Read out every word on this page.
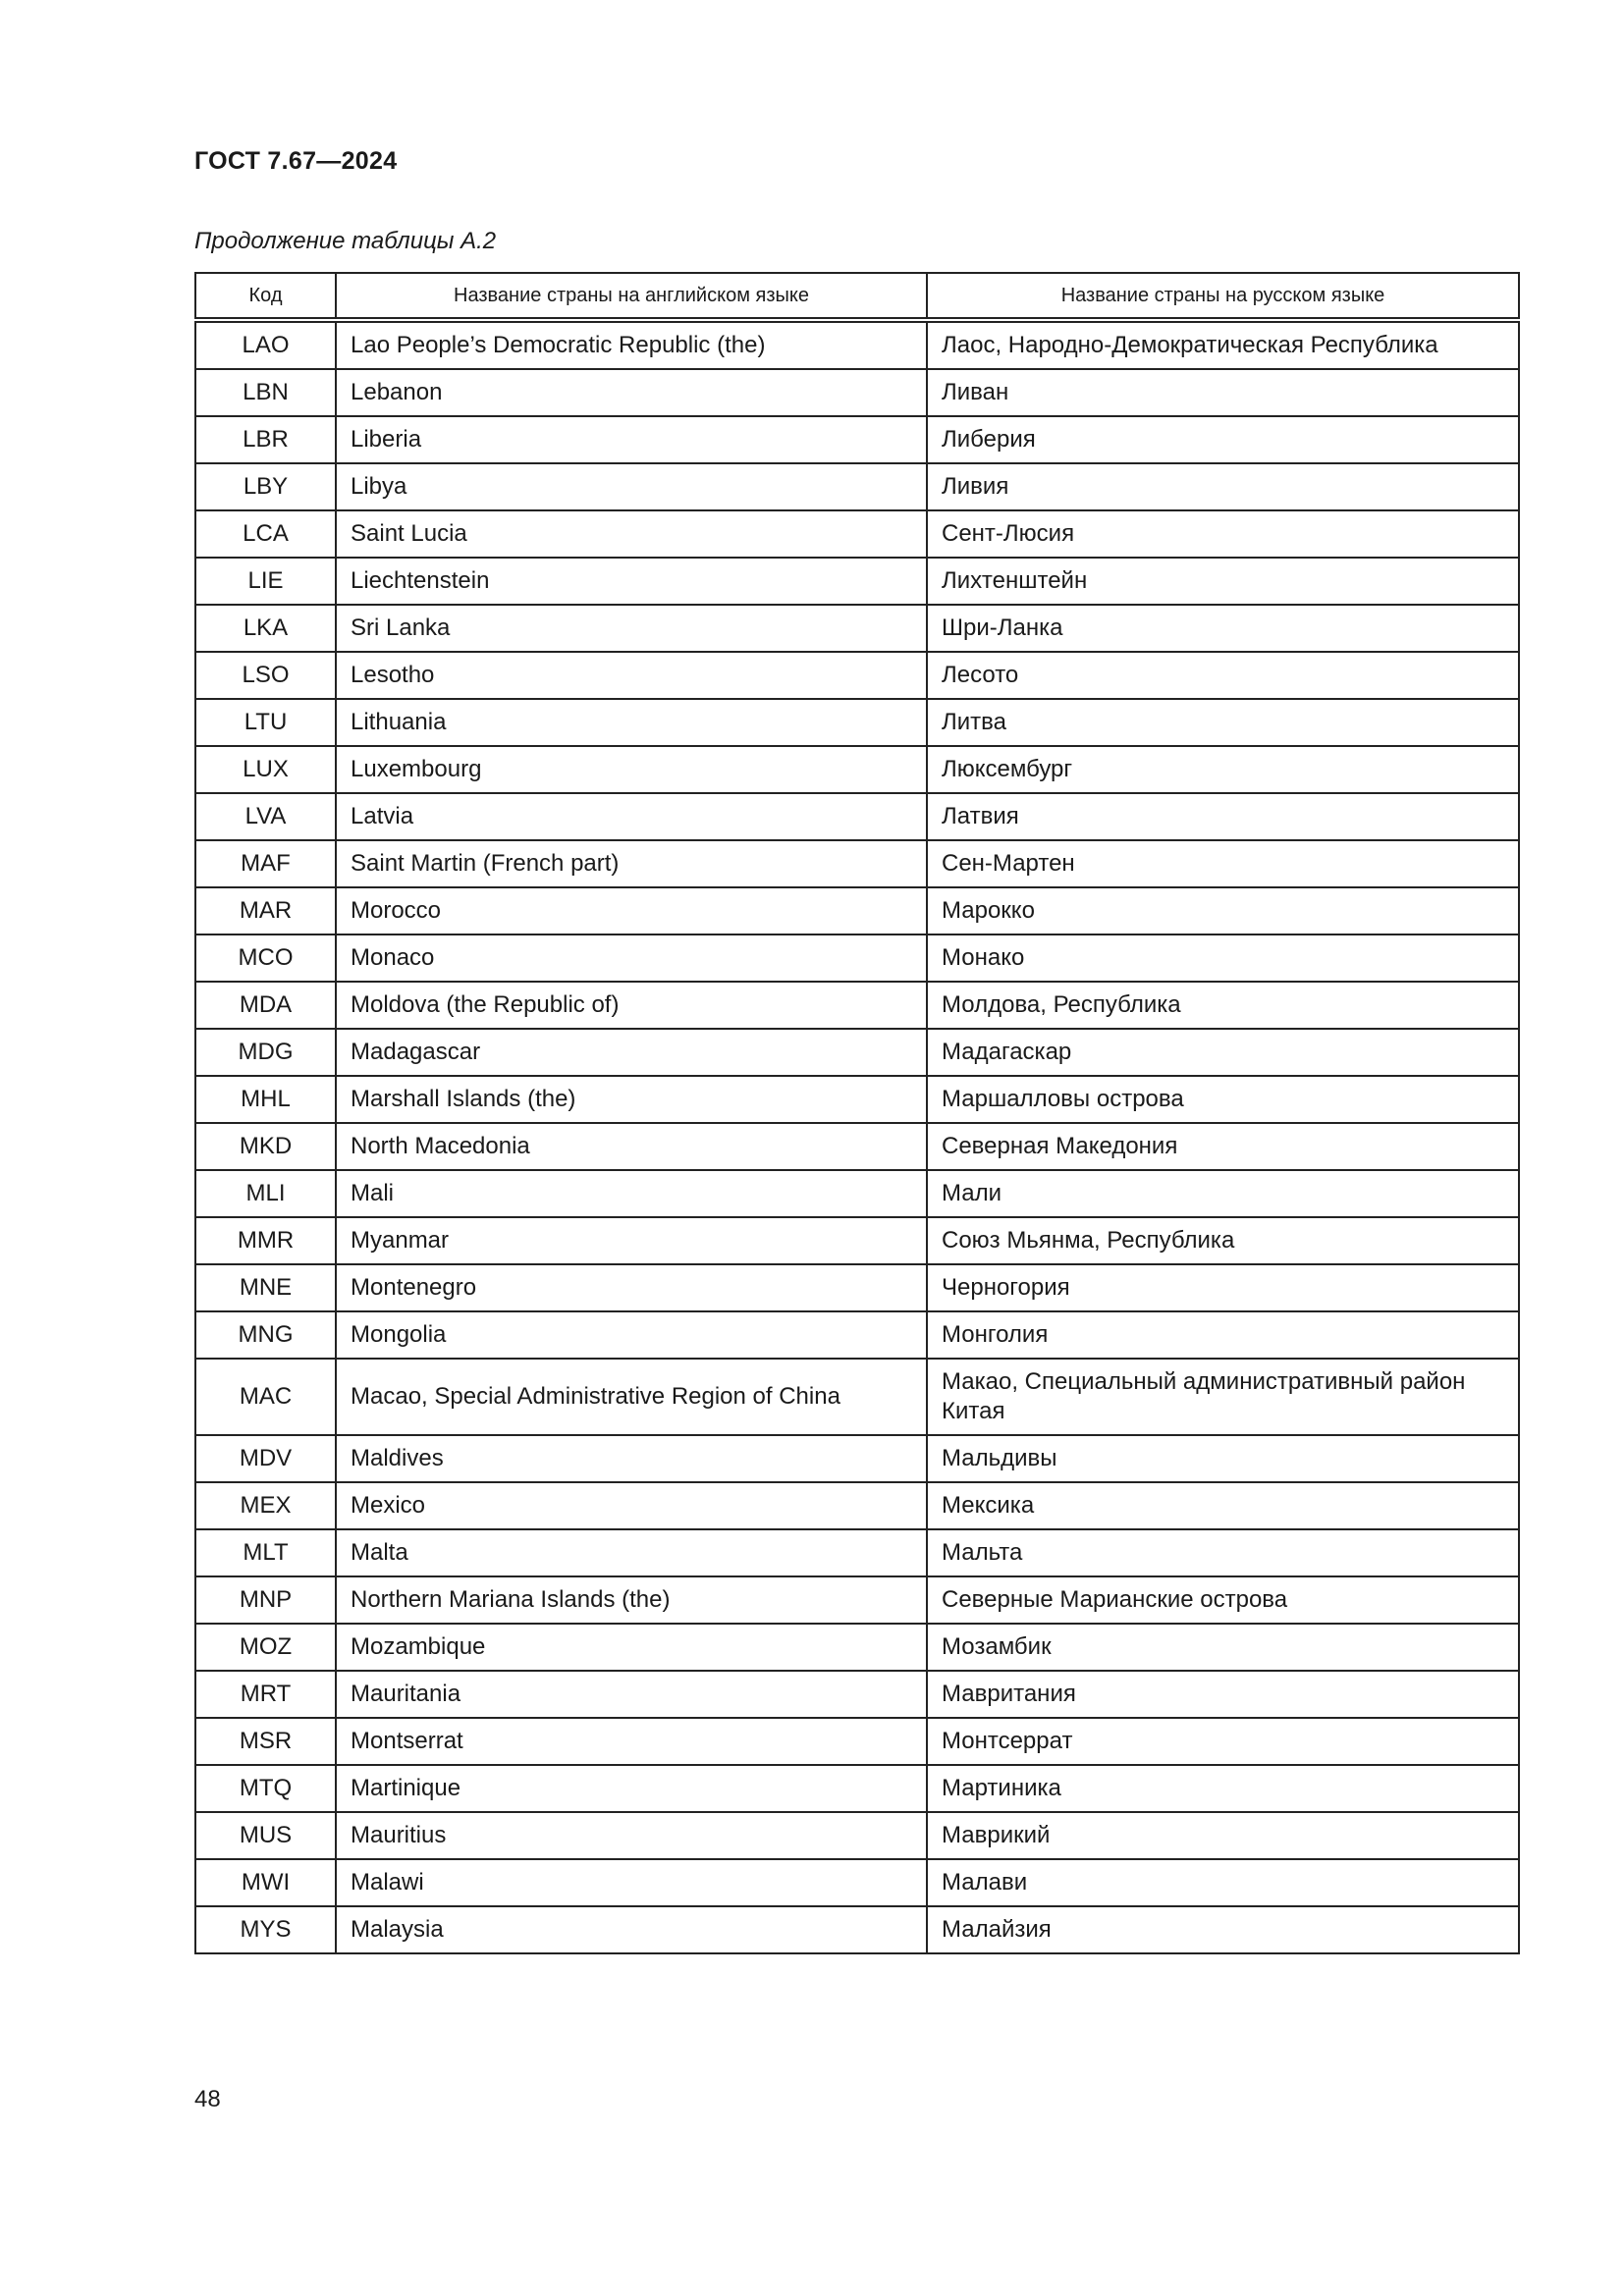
ГОСТ 7.67—2024
Продолжение таблицы А.2
Код	Название страны на английском языке	Название страны на русском языке
LAO	Lao People’s Democratic Republic (the)	Лаос, Народно-Демократическая Республика
LBN	Lebanon	Ливан
LBR	Liberia	Либерия
LBY	Libya	Ливия
LCA	Saint Lucia	Сент-Люсия
LIE	Liechtenstein	Лихтенштейн
LKA	Sri Lanka	Шри-Ланка
LSO	Lesotho	Лесото
LTU	Lithuania	Литва
LUX	Luxembourg	Люксембург
LVA	Latvia	Латвия
MAF	Saint Martin (French part)	Сен-Мартен
MAR	Morocco	Марокко
MCO	Monaco	Монако
MDA	Moldova (the Republic of)	Молдова, Республика
MDG	Madagascar	Мадагаскар
MHL	Marshall Islands (the)	Маршалловы острова
MKD	North Macedonia	Северная Македония
MLI	Mali	Мали
MMR	Myanmar	Союз Мьянма, Республика
MNE	Montenegro	Черногория
MNG	Mongolia	Монголия
MAC	Macao, Special Administrative Region of China	Макао, Специальный административный район Китая
MDV	Maldives	Мальдивы
MEX	Mexico	Мексика
MLT	Malta	Мальта
MNP	Northern Mariana Islands (the)	Северные Марианские острова
MOZ	Mozambique	Мозамбик
MRT	Mauritania	Мавритания
MSR	Montserrat	Монтсеррат
MTQ	Martinique	Мартиника
MUS	Mauritius	Маврикий
MWI	Malawi	Малави
MYS	Malaysia	Малайзия
48
